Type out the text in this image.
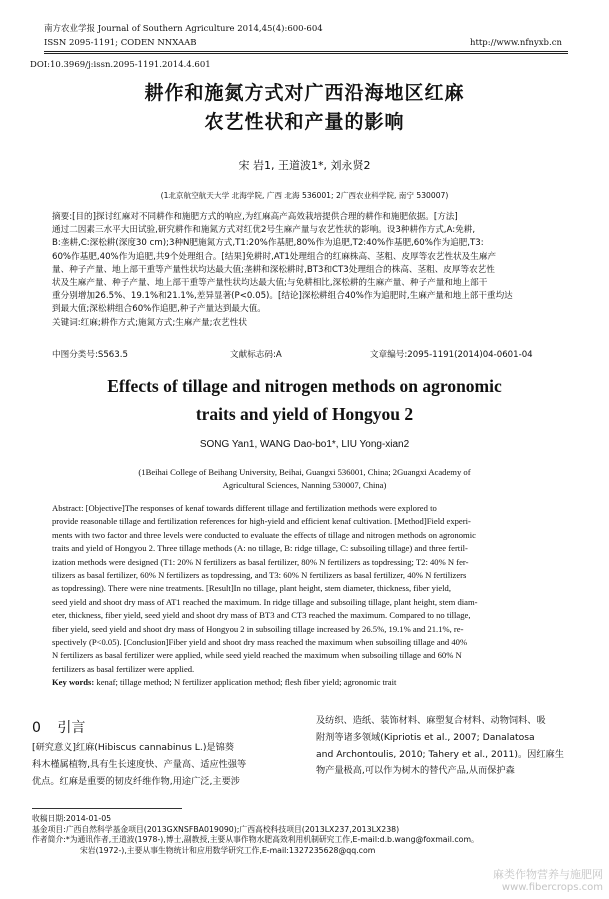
南方农业学报 Journal of Southern Agriculture 2014,45(4):600-604
ISSN 2095-1191; CODEN NNXAAB	http://www.nfnyxb.cn
DOI:10.3969/j:issn.2095-1191.2014.4.601
耕作和施氮方式对广西沿海地区红麻
农艺性状和产量的影响
宋 岩1, 王道波1*, 刘永贤2
(1北京航空航天大学 北海学院, 广西 北海 536001; 2广西农业科学院, 南宁 530007)
摘要:[目的]探讨红麻对不同耕作和施肥方式的响应,为红麻高产高效栽培提供合理的耕作和施肥依据。[方法]
通过二因素三水平大田试验,研究耕作和施氮方式对红优2号生麻产量与农艺性状的影响。设3种耕作方式,A:免耕,
B:垄耕,C:深松耕(深度30 cm);3种N肥施氮方式,T1:20%作基肥,80%作为追肥,T2:40%作基肥,60%作为追肥,T3:
60%作基肥,40%作为追肥,共9个处理组合。[结果]免耕时,AT1处理组合的红麻株高、茎粗、皮厚等农艺性状及生麻产
量、种子产量、地上部干重等产量性状均达最大值;垄耕和深松耕时,BT3和CT3处理组合的株高、茎粗、皮厚等农艺性
状及生麻产量、种子产量、地上部干重等产量性状均达最大值;与免耕相比,深松耕的生麻产量、种子产量和地上部干
重分别增加26.5%、19.1%和21.1%,差异显著(P<0.05)。[结论]深松耕组合40%作为追肥时,生麻产量和地上部干重均达
到最大值;深松耕组合60%作追肥,种子产量达到最大值。
关键词:红麻;耕作方式;施氮方式;生麻产量;农艺性状
中图分类号:S563.5	文献标志码:A	文章编号:2095-1191(2014)04-0601-04
Effects of tillage and nitrogen methods on agronomic
traits and yield of Hongyou 2
SONG Yan1, WANG Dao-bo1*, LIU Yong-xian2
(1Beihai College of Beihang University, Beihai, Guangxi 536001, China; 2Guangxi Academy of
Agricultural Sciences, Nanning 530007, China)
Abstract: [Objective]The responses of kenaf towards different tillage and fertilization methods were explored to
provide reasonable tillage and fertilization references for high-yield and efficient kenaf cultivation. [Method]Field experi-
ments with two factor and three levels were conducted to evaluate the effects of tillage and nitrogen methods on agronomic
traits and yield of Hongyou 2. Three tillage methods (A: no tillage, B: ridge tillage, C: subsoiling tillage) and three fertil-
ization methods were designed (T1: 20% N fertilizers as basal fertilizer, 80% N fertilizers as topdressing; T2: 40% N fer-
tilizers as basal fertilizer, 60% N fertilizers as topdressing, and T3: 60% N fertilizers as basal fertilizer, 40% N fertilizers
as topdressing). There were nine treatments. [Result]In no tillage, plant height, stem diameter, thickness, fiber yield,
seed yield and shoot dry mass of AT1 reached the maximum. In ridge tillage and subsoiling tillage, plant height, stem diam-
eter, thickness, fiber yield, seed yield and shoot dry mass of BT3 and CT3 reached the maximum. Compared to no tillage,
fiber yield, seed yield and shoot dry mass of Hongyou 2 in subsoiling tillage increased by 26.5%, 19.1% and 21.1%, re-
spectively (P<0.05). [Conclusion]Fiber yield and shoot dry mass reached the maximum when subsoiling tillage and 40%
N fertilizers as basal fertilizer were applied, while seed yield reached the maximum when subsoiling tillage and 60% N
fertilizers as basal fertilizer were applied.
Key words: kenaf; tillage method; N fertilizer application method; flesh fiber yield; agronomic trait
0 引言
[研究意义]红麻(Hibiscus cannabinus L.)是锦葵
科木槿属植物,具有生长速度快、产量高、适应性强等
优点。红麻是重要的韧皮纤维作物,用途广泛,主要涉
及纺织、造纸、装饰材料、麻塑复合材料、动物饲料、吸
附剂等诸多领域(Kipriotis et al., 2007; Danalatosa
and Archontoulis, 2010; Tahery et al., 2011)。因红麻生
物产量极高,可以作为树木的替代产品,从而保护森
收稿日期:2014-01-05
基金项目:广西自然科学基金项目(2013GXNSFBA019090);广西高校科技项目(2013LX237,2013LX238)
作者简介:*为通讯作者,王道波(1978-),博士,副教授,主要从事作物水肥高效利用机制研究工作,E-mail:d.b.wang@foxmail.com。
宋岩(1972-),主要从事生物统计和应用数学研究工作,E-mail:1327235628@qq.com
麻类作物营养与施肥网
www.fibercrops.com
